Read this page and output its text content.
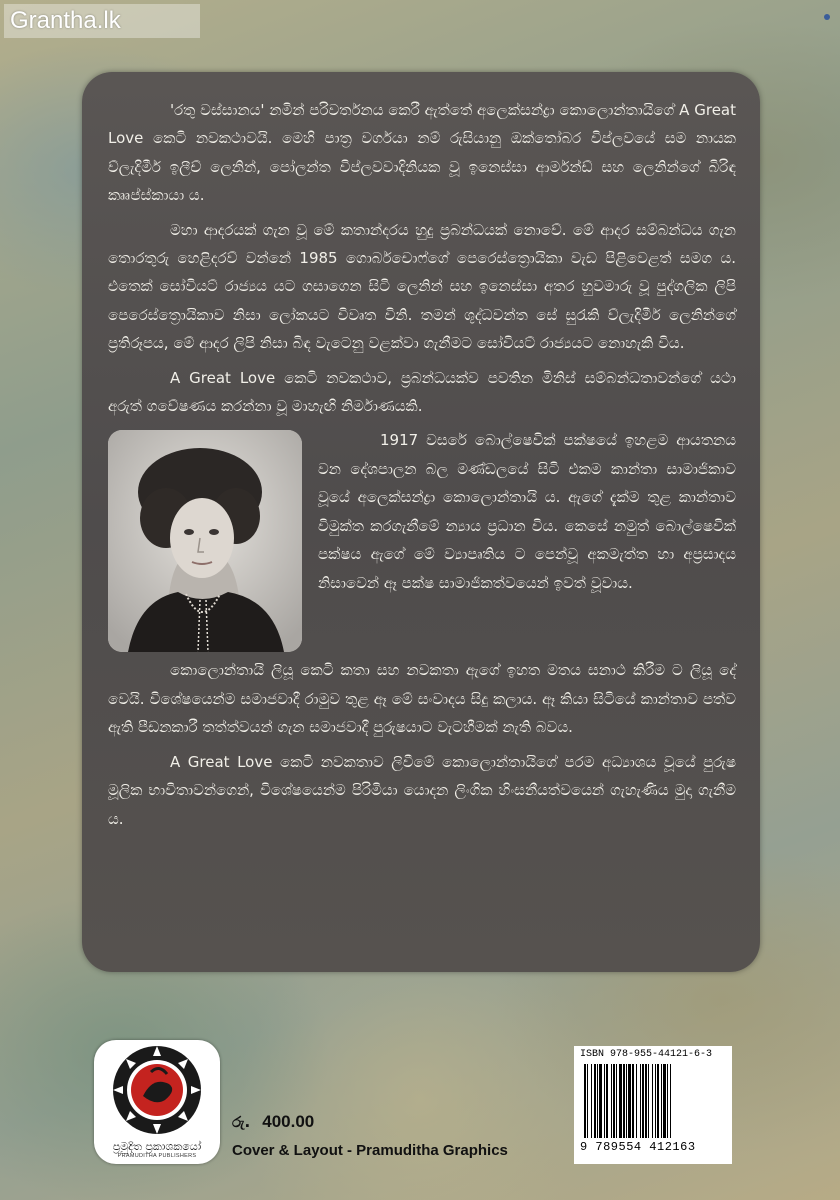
Grantha.lk

'රතු වස්සානය' නමින් පරිවර්තනය කෙරී ඇත්තේ අලෙක්සන්ද්‍රා කොලොන්තායිගේ A Great Love කෙටි නවකථාවයි. මෙහි පාත්‍ර වර්ගයා නම් රුසියානු ඔක්තෝබර විප්ලවයේ සම නායක ව්ලැදිමීර් ඉලීච් ලෙනින්, පෝලන්ත විප්ලවවාදිනියක වූ ඉනෙස්සා ආර්මන්ඩ් සහ ලෙනින්ගේ බිරිඳ කෲප්ස්කායා ය.

මහා ආදරයක් ගැන වූ මේ කතාන්දරය හුදු ප්‍රබන්ධයක් නොවේ. මේ ආදර සම්බන්ධය ගැන තොරතුරු හෙළිදරව් වන්නේ 1985 ගොර්බචොෆ්ගේ පෙරෙස්ත්‍රොයිකා වැඩ පිළිවෙළත් සමග ය. එතෙක් සෝවියට් රාජ්‍යය යට ගසාගෙන සිටි ලෙනින් සහ ඉනෙස්සා අතර හුවමාරු වූ පුද්ගලික ලිපි පෙරෙස්ත්‍රොයිකාව නිසා ලෝකයට විවෘත විනි. තමන් ශුද්ධවන්ත සේ සුරැකි ව්ලැදිමීර් ලෙනින්ගේ ප්‍රතිරූපය, මේ ආදර ලිපි නිසා බිඳ වැටෙනු වළක්වා ගැනීමට සෝවියට් රාජ්‍යයට නොහැකි විය.

A Great Love කෙටි නවකථාව, ප්‍රබන්ධයක්ව පවතින මිනිස් සම්බන්ධතාවන්ගේ යථා අරුත් ගවේෂණය කරන්නා වූ මාහැඟි නිර්මාණයකි.

1917 වසරේ බොල්ෂෙවික් පක්ෂයේ ඉහළම ආයතනය වන දේශපාලන බල මණ්ඩලයේ සිටි එකම කාන්තා සාමාජිකාව වූයේ අලෙක්සන්ද්‍රා කොලොන්තායි ය. ඇගේ දැක්ම තුළ කාන්තාව විමුක්ත කරගැනීමේ න්‍යාය ප්‍රධාන විය. කෙසේ නමුත් බොල්ෂෙවික් පක්ෂය ඇගේ මේ ව්‍යාපෘතිය ට පෙන්වූ අකමැත්ත හා අප්‍රසාදය නිසාවෙන් ඈ පක්ෂ සාමාජිකත්වයෙන් ඉවත් වූවාය.

කොලොන්තායි ලියූ කෙටි කතා සහ නවකතා ඇගේ ඉහත මතය සනාථ කිරීම ට ලියූ දේ වෙයි. විශේෂයෙන්ම සමාජවාදී රාමුව තුළ ඈ මේ සංවාදය සිදු කලාය. ඈ කියා සිටියේ කාන්තාව පත්ව ඇති පීඩනකාරී තත්ත්වයන් ගැන සමාජවාදී පුරුෂයාට වැටහීමක් නැති බවය.

A Great Love කෙටි නවකතාව ලිවීමේ කොලොන්තායිගේ පරම අධ්‍යාශය වූයේ පුරුෂ මූලික භාවිතාවන්ගෙන්, විශේෂයෙන්ම පිරිමියා යොදන ලිංගික හිංසනීයත්වයෙන් ගැහැණිය මුදා ගැනීම ය.

ප්‍රමුදිත ප්‍රකාශකයෝ
PRAMUDITHA PUBLISHERS
රු. 400.00
Cover & Layout - Pramuditha Graphics
ISBN 978-955-44121-6-3
9 789554 412163
